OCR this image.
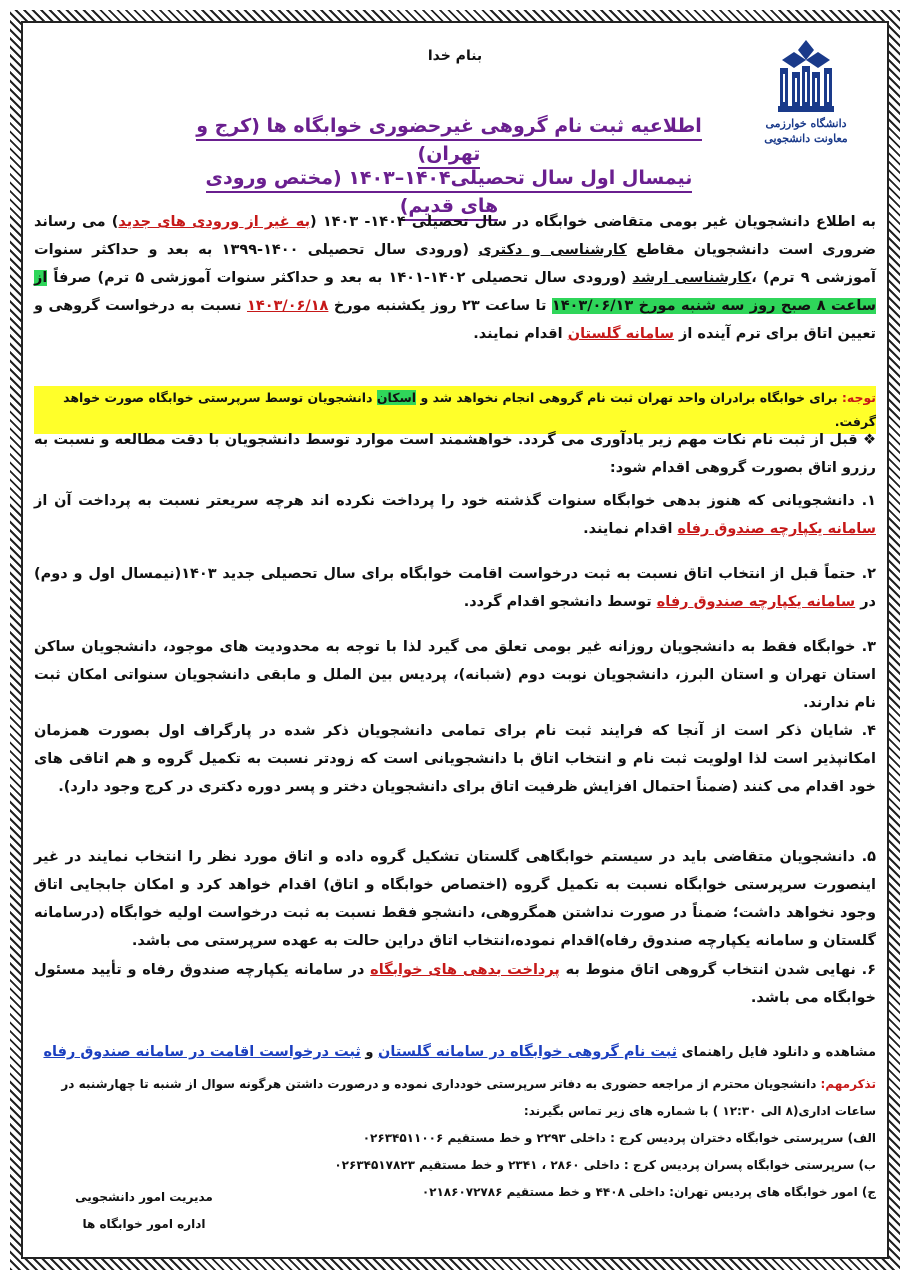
بنام خدا
دانشگاه خوارزمی
معاونت دانشجویی
اطلاعیه ثبت نام گروهی غیرحضوری خوابگاه ها (کرج و تهران)
نیمسال اول سال تحصیلی۱۴۰۴–۱۴۰۳ (مختص ورودی های قدیم)
به اطلاع دانشجویان غیر بومی متقاضی خوابگاه در سال تحصیلی ۱۴۰۴- ۱۴۰۳ (به غیر از ورودی های جدید) می رساند ضروری است دانشجویان مقاطع کارشناسی و دکتری (ورودی سال تحصیلی ۱۴۰۰-۱۳۹۹ به بعد و حداکثر سنوات آموزشی ۹ ترم) ،کارشناسی ارشد (ورودی سال تحصیلی ۱۴۰۲-۱۴۰۱ به بعد و حداکثر سنوات آموزشی ۵ ترم) صرفاً از ساعت ۸ صبح روز سه شنبه مورخ ۱۴۰۳/۰۶/۱۳ تا ساعت ۲۳ روز یکشنبه مورخ ۱۴۰۳/۰۶/۱۸ نسبت به درخواست گروهی و تعیین اتاق برای ترم آینده از سامانه گلستان اقدام نمایند.
توجه: برای خوابگاه برادران واحد تهران ثبت نام گروهی انجام نخواهد شد و اسکان دانشجویان توسط سرپرستی خوابگاه صورت خواهد گرفت.
❖ قبل از ثبت نام نکات مهم زیر یادآوری می گردد. خواهشمند است موارد توسط دانشجویان با دقت مطالعه و نسبت به رزرو اتاق بصورت گروهی اقدام شود:
۱. دانشجویانی که هنوز بدهی خوابگاه سنوات گذشته خود را پرداخت نکرده اند هرچه سریعتر نسبت به پرداخت آن از سامانه یکپارچه صندوق رفاه اقدام نمایند.
۲. حتماً قبل از انتخاب اتاق نسبت به ثبت درخواست اقامت خوابگاه برای سال تحصیلی جدید ۱۴۰۳(نیمسال اول و دوم) در سامانه یکپارچه صندوق رفاه توسط دانشجو اقدام گردد.
۳. خوابگاه فقط به دانشجویان روزانه غیر بومی تعلق می گیرد لذا با توجه به محدودیت های موجود، دانشجویان ساکن استان تهران و استان البرز، دانشجویان نوبت دوم (شبانه)، پردیس بین الملل و مابقی دانشجویان سنواتی امکان ثبت نام ندارند.
۴. شایان ذکر است از آنجا که فرایند ثبت نام برای تمامی دانشجویان ذکر شده در پارگراف اول بصورت همزمان امکانپذیر است لذا اولویت ثبت نام و انتخاب اتاق با دانشجویانی است که زودتر نسبت به تکمیل گروه و هم اتاقی های خود اقدام می کنند (ضمناً احتمال افزایش ظرفیت اتاق برای دانشجویان دختر و پسر دوره دکتری در کرج وجود دارد).
۵. دانشجویان متقاضی باید در سیستم خوابگاهی گلستان تشکیل گروه داده و اتاق مورد نظر را انتخاب نمایند در غیر اینصورت سرپرستی خوابگاه نسبت به تکمیل گروه (اختصاص خوابگاه و اتاق) اقدام خواهد کرد و امکان جابجایی اتاق وجود نخواهد داشت؛ ضمناً در صورت نداشتن همگروهی، دانشجو فقط نسبت به ثبت درخواست اولیه خوابگاه (درسامانه گلستان و سامانه یکپارچه صندوق رفاه)اقدام نموده،انتخاب اتاق دراین حالت به عهده سرپرستی می باشد.
۶. نهایی شدن انتخاب گروهی اتاق منوط به پرداخت بدهی های خوابگاه در سامانه یکپارچه صندوق رفاه و تأیید مسئول خوابگاه می باشد.
مشاهده و دانلود فایل راهنمای ثبت نام گروهی خوابگاه در سامانه گلستان و ثبت درخواست اقامت در سامانه صندوق رفاه
تذکرمهم: دانشجویان محترم از مراجعه حضوری به دفاتر سرپرستی خودداری نموده و درصورت داشتن هرگونه سوال از شنبه تا چهارشنبه در ساعات اداری(۸ الی ۱۲:۳۰ ) با شماره های زیر تماس بگیرند:
الف) سرپرستی خوابگاه دختران پردیس کرج : داخلی ۲۲۹۳ و خط مستقیم ۰۲۶۳۴۵۱۱۰۰۶
ب) سرپرستی خوابگاه پسران پردیس کرج : داخلی ۲۸۶۰ ، ۲۳۴۱ و خط مستقیم ۰۲۶۳۴۵۱۷۸۲۳
ج) امور خوابگاه های پردیس تهران: داخلی ۴۴۰۸ و خط مستقیم ۰۲۱۸۶۰۷۲۷۸۶
مدیریت امور دانشجویی
اداره امور خوابگاه ها
